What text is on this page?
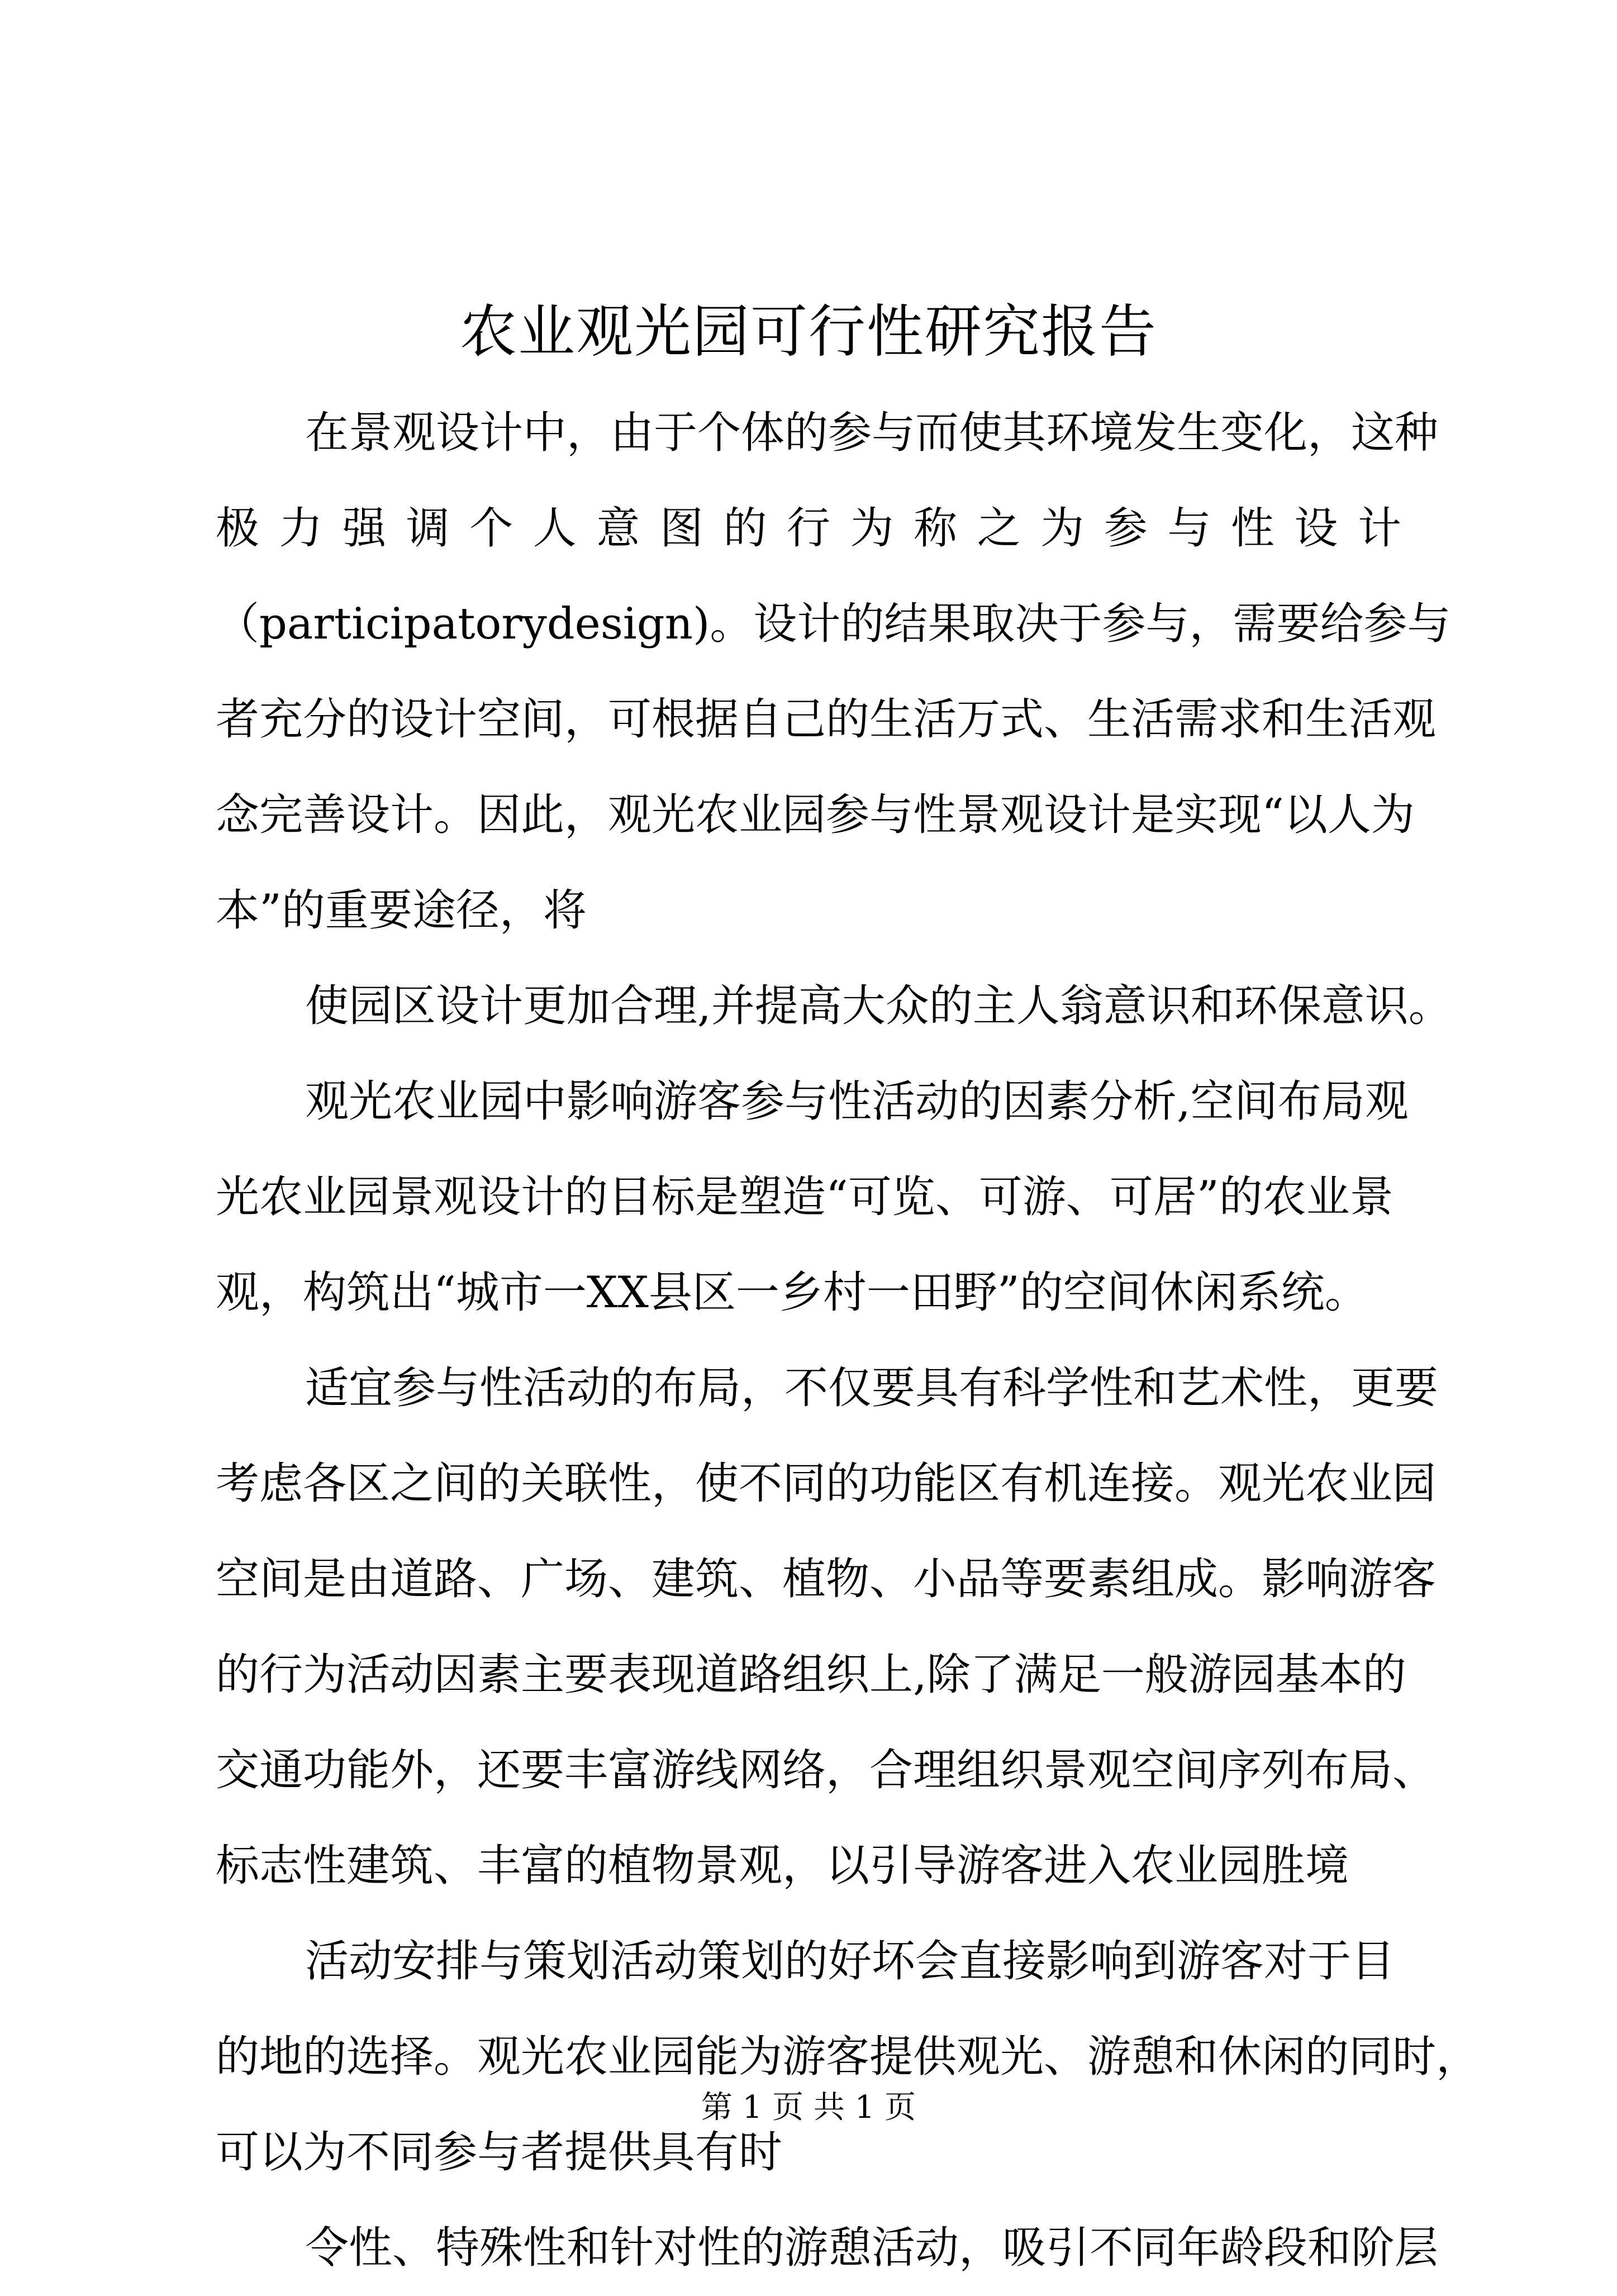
农业观光园可行性研究报告
在景观设计中，由于个体的参与而使其环境发生变化，这种
极力强调个人意图的行为称之为参与性设计
（participatorydesign)。设计的结果取决于参与，需要给参与
者充分的设计空间，可根据自己的生活万式、生活需求和生活观
念完善设计。因此，观光农业园参与性景观设计是实现“以人为
本”的重要途径，将
使园区设计更加合理,并提高大众的主人翁意识和环保意识。
观光农业园中影响游客参与性活动的因素分析,空间布局观
光农业园景观设计的目标是塑造“可览、可游、可居”的农业景
观，构筑出“城市一XX县区一乡村一田野”的空间休闲系统。
适宜参与性活动的布局，不仅要具有科学性和艺术性，更要
考虑各区之间的关联性，使不同的功能区有机连接。观光农业园
空间是由道路、广场、建筑、植物、小品等要素组成。影响游客
的行为活动因素主要表现道路组织上,除了满足一般游园基本的
交通功能外，还要丰富游线网络，合理组织景观空间序列布局、
标志性建筑、丰富的植物景观，以引导游客进入农业园胜境
活动安排与策划活动策划的好坏会直接影响到游客对于目
的地的选择。观光农业园能为游客提供观光、游憩和休闲的同时，
可以为不同参与者提供具有时
令性、特殊性和针对性的游憩活动，吸引不同年龄段和阶层
第 1 页 共 1 页
